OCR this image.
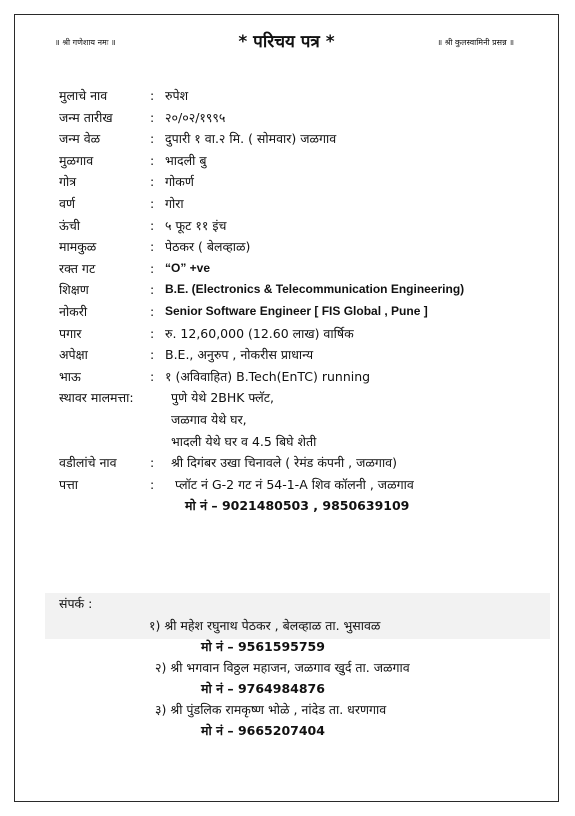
॥ श्री गणेशाय नमः ॥	* परिचय पत्र *	॥ श्री कुलस्वामिनी प्रसन्न ॥
मुलाचे नाव	: रुपेश
जन्म तारीख	: २०/०२/१९९५
जन्म वेळ	: दुपारी १ वा.२ मि. ( सोमवार) जळगाव
मुळगाव	: भादली बु
गोत्र	: गोकर्ण
वर्ण	: गोरा
ऊंची	: ५ फूट ११ इंच
मामकुळ	: पेठकर ( बेलव्हाळ)
रक्त गट	: “O” +ve
शिक्षण	: B.E. (Electronics & Telecommunication Engineering)
नोकरी	: Senior Software Engineer [ FIS Global , Pune ]
पगार	: रु. 12,60,000 (12.60 लाख) वार्षिक
अपेक्षा	: B.E., अनुरुप , नोकरीस प्राधान्य
भाऊ	: १ (अविवाहित) B.Tech(EnTC) running
स्थावर मालमत्ता:	पुणे येथे 2BHK फ्लॅट,
जळगाव येथे घर,
भादली येथे घर व 4.5 बिघे शेती
वडीलांचे नाव	: श्री दिगंबर उखा चिनावले ( रेमंड कंपनी , जळगाव)
पत्ता	: प्लॉट नं G-2 गट नं 54-1-A शिव कॉलनी , जळगाव
मो नं – 9021480503 , 9850639109
संपर्क :
१) श्री महेश रघुनाथ पेठकर , बेलव्हाळ ता. भुसावळ
मो नं – 9561595759
२) श्री भगवान विठ्ठल महाजन, जळगाव खुर्द ता. जळगाव
मो नं – 9764984876
३) श्री पुंडलिक रामकृष्ण भोळे , नांदेड ता. धरणगाव
मो नं – 9665207404
